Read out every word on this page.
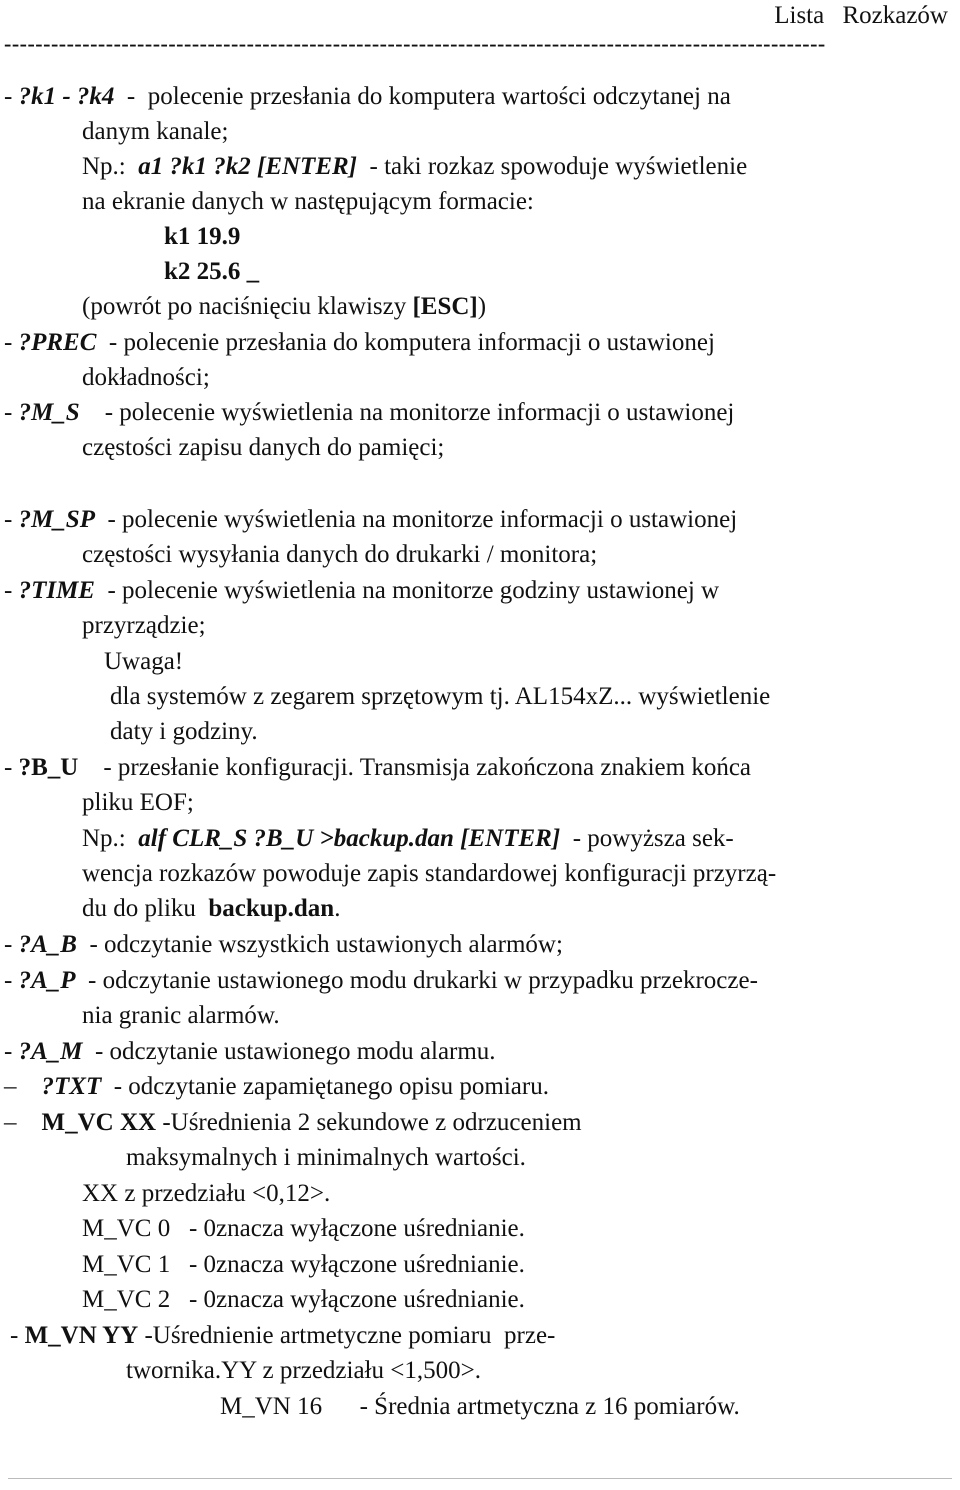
Lista Rozkazów
---------------------------------------------------------------------------------------------------------
- ?k1 - ?k4  -  polecenie przesłania do komputera wartości odczytanej na
danym kanale;
Np.:  a1 ?k1 ?k2 [ENTER]  - taki rozkaz spowoduje wyświetlenie
na ekranie danych w następującym formacie:
k1 19.9
k2 25.6 _
(powrót po naciśnięciu klawiszy [ESC])
- ?PREC  - polecenie przesłania do komputera informacji o ustawionej
dokładności;
- ?M_S    - polecenie wyświetlenia na monitorze informacji o ustawionej
częstości zapisu danych do pamięci;
- ?M_SP  - polecenie wyświetlenia na monitorze informacji o ustawionej
częstości wysyłania danych do drukarki / monitora;
- ?TIME  - polecenie wyświetlenia na monitorze godziny ustawionej w
przyrządzie;
Uwaga!
dla systemów z zegarem sprzętowym tj. AL154xZ... wyświetlenie
daty i godziny.
- ?B_U    - przesłanie konfiguracji. Transmisja zakończona znakiem końca
pliku EOF;
Np.:  alf CLR_S ?B_U >backup.dan [ENTER]  - powyższa sek-
wencja rozkazów powoduje zapis standardowej konfiguracji przyrzą-
du do pliku  backup.dan.
- ?A_B  - odczytanie wszystkich ustawionych alarmów;
- ?A_P  - odczytanie ustawionego modu drukarki w przypadku przekrocze-
nia granic alarmów.
- ?A_M  - odczytanie ustawionego modu alarmu.
–    ?TXT  - odczytanie zapamiętanego opisu pomiaru.
–    M_VC XX -Uśrednienia 2 sekundowe z odrzuceniem
maksymalnych i minimalnych wartości.
XX z przedziału <0,12>.
M_VC 0   - 0znacza wyłączone uśrednianie.
M_VC 1   - 0znacza wyłączone uśrednianie.
M_VC 2   - 0znacza wyłączone uśrednianie.
- M_VN YY -Uśrednienie artmetyczne pomiaru  prze-
twornika.YY z przedziału <1,500>.
M_VN 16      - Średnia artmetyczna z 16 pomiarów.
